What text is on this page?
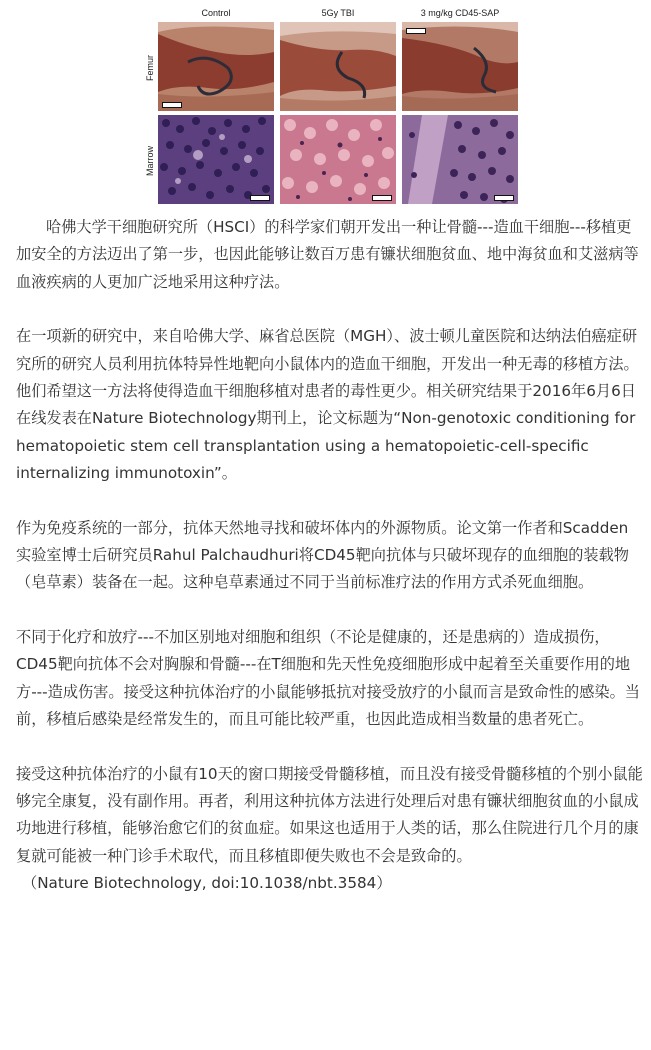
Control	5Gy TBI	3 mg/kg CD45-SAP
Femur
Marrow

哈佛大学干细胞研究所（HSCI）的科学家们朝开发出一种让骨髓---造血干细胞---移植更加安全的方法迈出了第一步，也因此能够让数百万患有镰状细胞贫血、地中海贫血和艾滋病等血液疾病的人更加广泛地采用这种疗法。

在一项新的研究中，来自哈佛大学、麻省总医院（MGH）、波士顿儿童医院和达纳法伯癌症研究所的研究人员利用抗体特异性地靶向小鼠体内的造血干细胞，开发出一种无毒的移植方法。他们希望这一方法将使得造血干细胞移植对患者的毒性更少。相关研究结果于2016年6月6日在线发表在Nature Biotechnology期刊上，论文标题为“Non-genotoxic conditioning for hematopoietic stem cell transplantation using a hematopoietic-cell-specific internalizing immunotoxin”。

作为免疫系统的一部分，抗体天然地寻找和破坏体内的外源物质。论文第一作者和Scadden实验室博士后研究员Rahul Palchaudhuri将CD45靶向抗体与只破坏现存的血细胞的装载物（皂草素）装备在一起。这种皂草素通过不同于当前标准疗法的作用方式杀死血细胞。

不同于化疗和放疗---不加区别地对细胞和组织（不论是健康的，还是患病的）造成损伤，CD45靶向抗体不会对胸腺和骨髓---在T细胞和先天性免疫细胞形成中起着至关重要作用的地方---造成伤害。接受这种抗体治疗的小鼠能够抵抗对接受放疗的小鼠而言是致命性的感染。当前，移植后感染是经常发生的，而且可能比较严重，也因此造成相当数量的患者死亡。

接受这种抗体治疗的小鼠有10天的窗口期接受骨髓移植，而且没有接受骨髓移植的个别小鼠能够完全康复，没有副作用。再者，利用这种抗体方法进行处理后对患有镰状细胞贫血的小鼠成功地进行移植，能够治愈它们的贫血症。如果这也适用于人类的话，那么住院进行几个月的康复就可能被一种门诊手术取代，而且移植即便失败也不会是致命的。

（Nature Biotechnology, doi:10.1038/nbt.3584）
